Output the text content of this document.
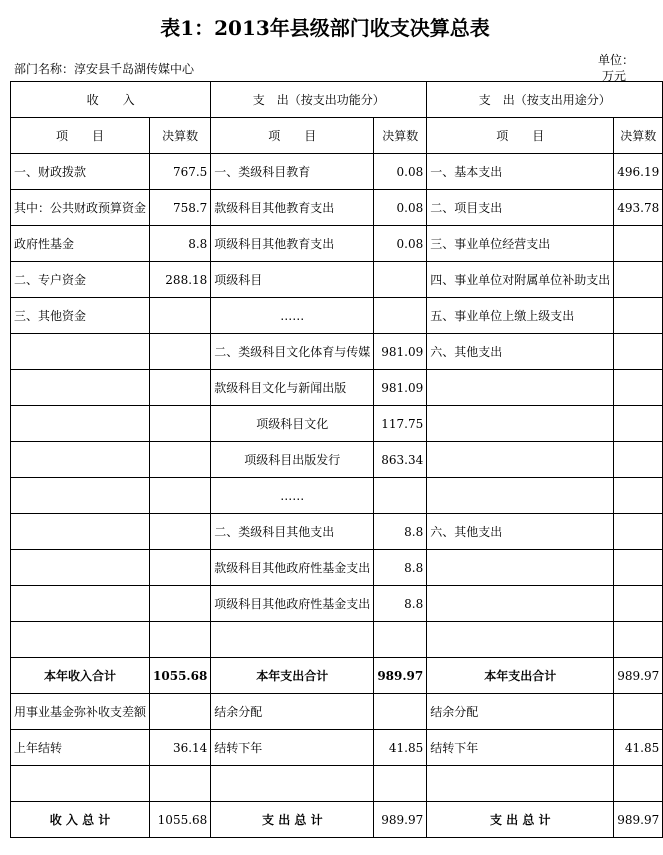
表1：2013年县级部门收支决算总表
部门名称：淳安县千岛湖传媒中心
单位：
万元
收　　入		支　出（按支出功能分）		支　出（按支出用途分）	
项　　目	决算数	项　　目	决算数	项　　目	决算数
一、财政拨款	767.5	一、类级科目教育	0.08	一、基本支出	496.19
其中：公共财政预算资金	758.7	款级科目其他教育支出	0.08	二、项目支出	493.78
政府性基金	8.8	项级科目其他教育支出	0.08	三、事业单位经营支出	
二、专户资金	288.18	项级科目		四、事业单位对附属单位补助支出	
三、其他资金		……		五、事业单位上缴上级支出	
		二、类级科目文化体育与传媒	981.09	六、其他支出	
		款级科目文化与新闻出版	981.09		
		项级科目文化	117.75		
		项级科目出版发行	863.34		
		……			
		二、类级科目其他支出	8.8	六、其他支出	
		款级科目其他政府性基金支出	8.8		
		项级科目其他政府性基金支出	8.8		

本年收入合计	1055.68	本年支出合计	989.97	本年支出合计	989.97
用事业基金弥补收支差额		结余分配		结余分配	
上年结转	36.14	结转下年	41.85	结转下年	41.85

收 入 总 计	1055.68	支 出 总 计	989.97	支 出 总 计	989.97
